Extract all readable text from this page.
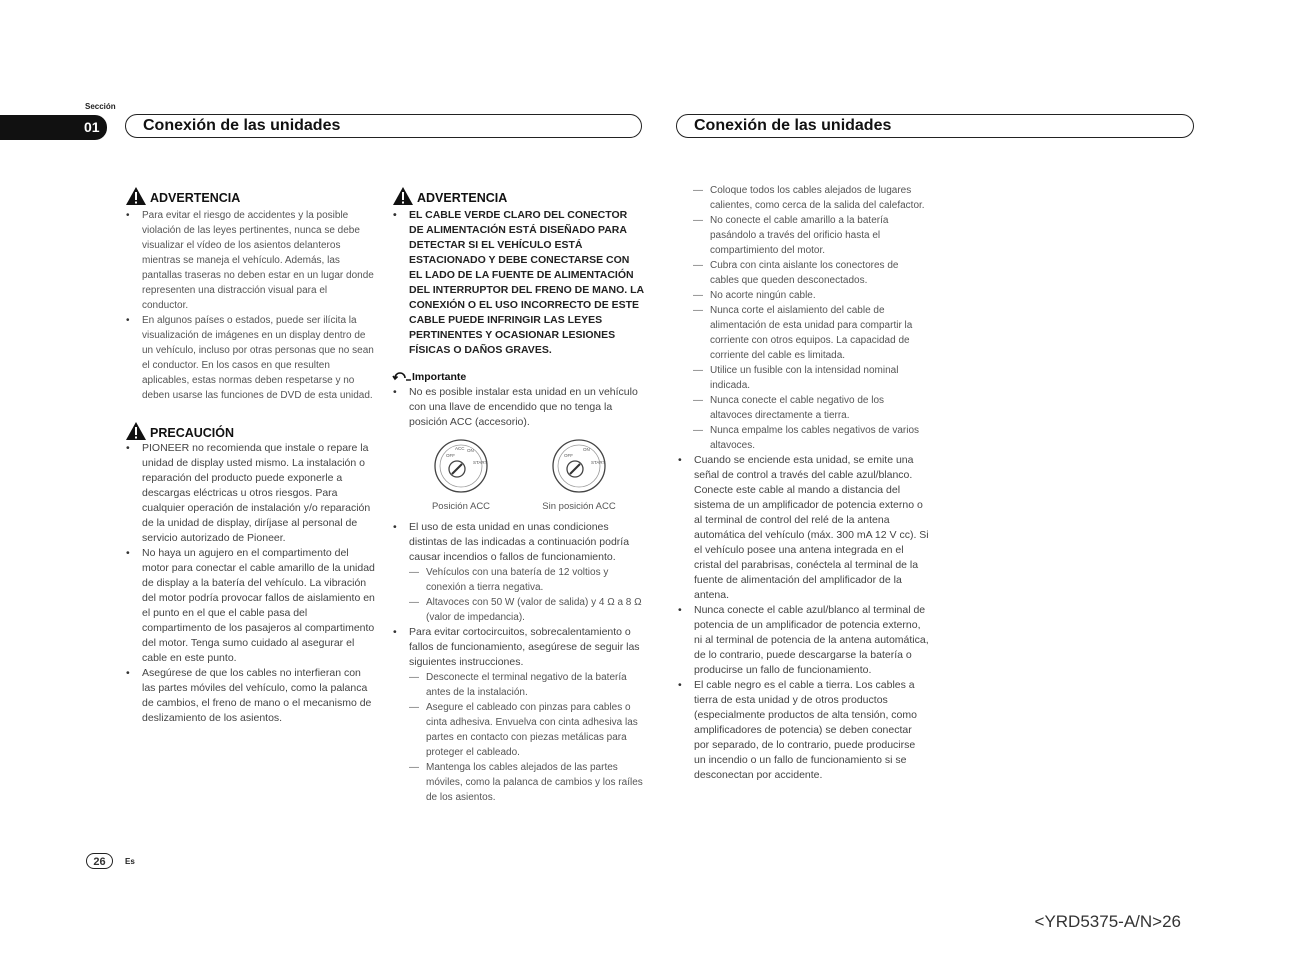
Sección
01	Conexión de las unidades	Conexión de las unidades
ADVERTENCIA
• Para evitar el riesgo de accidentes y la posible violación de las leyes pertinentes, nunca se debe visualizar el vídeo de los asientos delanteros mientras se maneja el vehículo. Además, las pantallas traseras no deben estar en un lugar donde representen una distracción visual para el conductor.
• En algunos países o estados, puede ser ilícita la visualización de imágenes en un display dentro de un vehículo, incluso por otras personas que no sean el conductor. En los casos en que resulten aplicables, estas normas deben respetarse y no deben usarse las funciones de DVD de esta unidad.
PRECAUCIÓN
• PIONEER no recomienda que instale o repare la unidad de display usted mismo. La instalación o reparación del producto puede exponerle a descargas eléctricas u otros riesgos. Para cualquier operación de instalación y/o reparación de la unidad de display, diríjase al personal de servicio autorizado de Pioneer.
• No haya un agujero en el compartimento del motor para conectar el cable amarillo de la unidad de display a la batería del vehículo. La vibración del motor podría provocar fallos de aislamiento en el punto en el que el cable pasa del compartimento de los pasajeros al compartimento del motor. Tenga sumo cuidado al asegurar el cable en este punto.
• Asegúrese de que los cables no interfieran con las partes móviles del vehículo, como la palanca de cambios, el freno de mano o el mecanismo de deslizamiento de los asientos.
ADVERTENCIA
• EL CABLE VERDE CLARO DEL CONECTOR DE ALIMENTACIÓN ESTÁ DISEÑADO PARA DETECTAR SI EL VEHÍCULO ESTÁ ESTACIONADO Y DEBE CONECTARSE CON EL LADO DE LA FUENTE DE ALIMENTACIÓN DEL INTERRUPTOR DEL FRENO DE MANO. LA CONEXIÓN O EL USO INCORRECTO DE ESTE CABLE PUEDE INFRINGIR LAS LEYES PERTINENTES Y OCASIONAR LESIONES FÍSICAS O DAÑOS GRAVES.
Importante
• No es posible instalar esta unidad en un vehículo con una llave de encendido que no tenga la posición ACC (accesorio).
OFF
ACC ON
START
Posición ACC
OFF
ON
START
Sin posición ACC
• El uso de esta unidad en unas condiciones distintas de las indicadas a continuación podría causar incendios o fallos de funcionamiento.
— Vehículos con una batería de 12 voltios y conexión a tierra negativa.
— Altavoces con 50 W (valor de salida) y 4 Ω a 8 Ω (valor de impedancia).
• Para evitar cortocircuitos, sobrecalentamiento o fallos de funcionamiento, asegúrese de seguir las siguientes instrucciones.
— Desconecte el terminal negativo de la batería antes de la instalación.
— Asegure el cableado con pinzas para cables o cinta adhesiva. Envuelva con cinta adhesiva las partes en contacto con piezas metálicas para proteger el cableado.
— Mantenga los cables alejados de las partes móviles, como la palanca de cambios y los raíles de los asientos.
— Coloque todos los cables alejados de lugares calientes, como cerca de la salida del calefactor.
— No conecte el cable amarillo a la batería pasándolo a través del orificio hasta el compartimiento del motor.
— Cubra con cinta aislante los conectores de cables que queden desconectados.
— No acorte ningún cable.
— Nunca corte el aislamiento del cable de alimentación de esta unidad para compartir la corriente con otros equipos. La capacidad de corriente del cable es limitada.
— Utilice un fusible con la intensidad nominal indicada.
— Nunca conecte el cable negativo de los altavoces directamente a tierra.
— Nunca empalme los cables negativos de varios altavoces.
• Cuando se enciende esta unidad, se emite una señal de control a través del cable azul/blanco. Conecte este cable al mando a distancia del sistema de un amplificador de potencia externo o al terminal de control del relé de la antena automática del vehículo (máx. 300 mA 12 V cc). Si el vehículo posee una antena integrada en el cristal del parabrisas, conéctela al terminal de la fuente de alimentación del amplificador de la antena.
• Nunca conecte el cable azul/blanco al terminal de potencia de un amplificador de potencia externo, ni al terminal de potencia de la antena automática, de lo contrario, puede descargarse la batería o producirse un fallo de funcionamiento.
• El cable negro es el cable a tierra. Los cables a tierra de esta unidad y de otros productos (especialmente productos de alta tensión, como amplificadores de potencia) se deben conectar por separado, de lo contrario, puede producirse un incendio o un fallo de funcionamiento si se desconectan por accidente.
26	Es
<YRD5375-A/N>26
